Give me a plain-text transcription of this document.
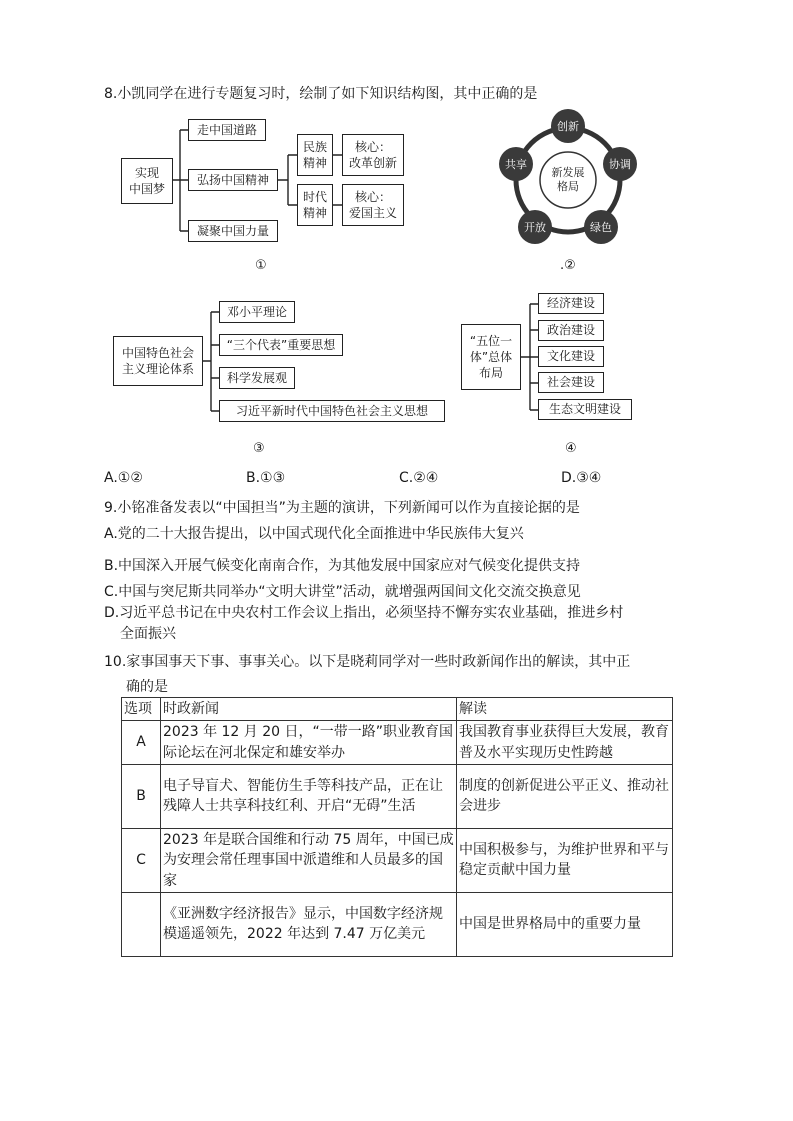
8.小凯同学在进行专题复习时，绘制了如下知识结构图，其中正确的是
实现
中国梦
走中国道路
弘扬中国精神
凝聚中国力量
民族
精神
时代
精神
核心：
改革创新
核心：
爱国主义
①
新发展
格局
创新
协调
绿色
开放
共享
.②
中国特色社会
主义理论体系
邓小平理论
“三个代表”重要思想
科学发展观
习近平新时代中国特色社会主义思想
③
“五位一
体”总体
布局
经济建设
政治建设
文化建设
社会建设
生态文明建设
④
A.①②	B.①③	C.②④	D.③④
9.小铭准备发表以“中国担当”为主题的演讲，下列新闻可以作为直接论据的是
A.党的二十大报告提出，以中国式现代化全面推进中华民族伟大复兴
B.中国深入开展气候变化南南合作，为其他发展中国家应对气候变化提供支持
C.中国与突尼斯共同举办“文明大讲堂”活动，就增强两国间文化交流交换意见
D.习近平总书记在中央农村工作会议上指出，必须坚持不懈夯实农业基础，推进乡村
全面振兴
10.家事国事天下事、事事关心。以下是晓莉同学对一些时政新闻作出的解读，其中正
确的是
选项	时政新闻	解读
A	2023 年 12 月 20 日，“一带一路”职业教育国际论坛在河北保定和雄安举办	我国教育事业获得巨大发展，教育普及水平实现历史性跨越
B	电子导盲犬、智能仿生手等科技产品，正在让残障人士共享科技红利、开启“无碍”生活	制度的创新促进公平正义、推动社会进步
C	2023 年是联合国维和行动 75 周年，中国已成为安理会常任理事国中派遣维和人员最多的国家	中国积极参与，为维护世界和平与稳定贡献中国力量
	《亚洲数字经济报告》显示，中国数字经济规模遥遥领先，2022 年达到 7.47 万亿美元	中国是世界格局中的重要力量
